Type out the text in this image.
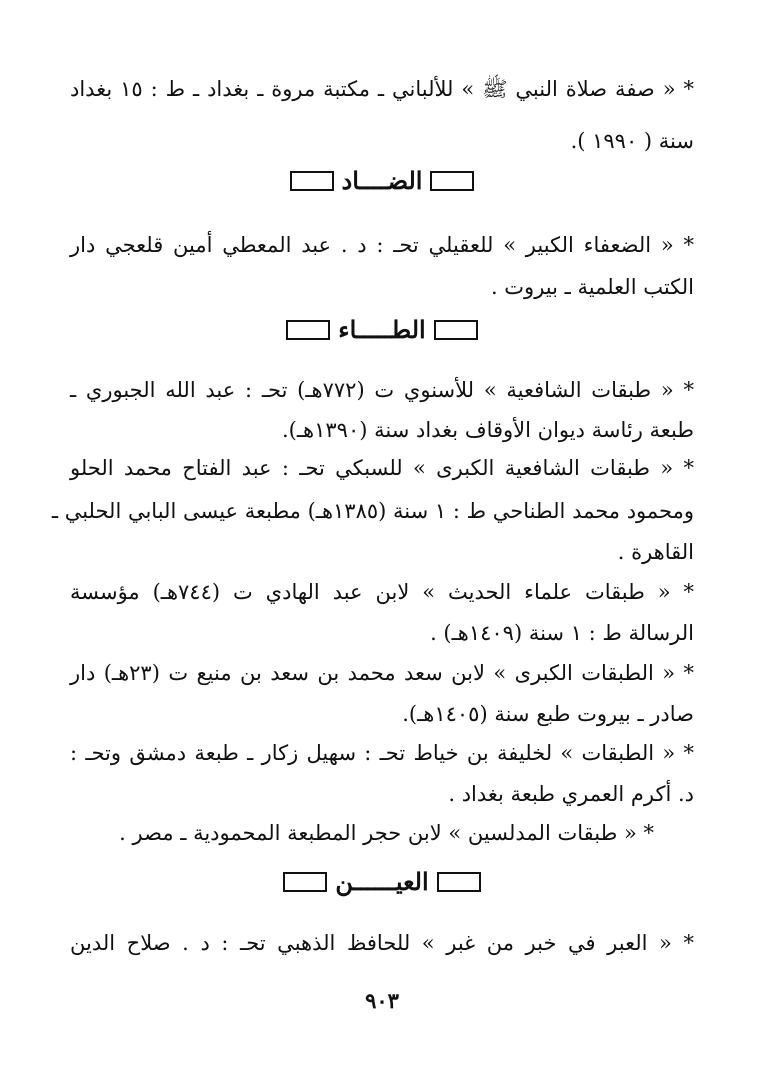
* « صفة صلاة النبي ﷺ » للألباني ـ مكتبة مروة ـ بغداد ـ ط : ١٥ بغداد
سنة ( ١٩٩٠ ).
الضــــاد
* « الضعفاء الكبير » للعقيلي تحـ : د . عبد المعطي أمين قلعجي دار
الكتب العلمية ـ بيروت .
الطـــــاء
* « طبقات الشافعية » للأسنوي ت (٧٧٢هـ) تحـ : عبد الله الجبوري ـ
طبعة رئاسة ديوان الأوقاف بغداد سنة (١٣٩٠هـ).
* « طبقات الشافعية الكبرى » للسبكي تحـ : عبد الفتاح محمد الحلو
ومحمود محمد الطناحي ط : ١ سنة (١٣٨٥هـ) مطبعة عيسى البابي الحلبي ـ
القاهرة .
* « طبقات علماء الحديث » لابن عبد الهادي ت (٧٤٤هـ) مؤسسة
الرسالة ط : ١ سنة (١٤٠٩هـ) .
* « الطبقات الكبرى » لابن سعد محمد بن سعد بن منيع ت (٢٣هـ) دار
صادر ـ بيروت طبع سنة (١٤٠٥هـ).
* « الطبقات » لخليفة بن خياط تحـ : سهيل زكار ـ طبعة دمشق وتحـ :
د. أكرم العمري طبعة بغداد .
* « طبقات المدلسين » لابن حجر المطبعة المحمودية ـ مصر .
العيــــــن
* « العبر في خبر من غبر » للحافظ الذهبي تحـ : د . صلاح الدين
٩٠٣
